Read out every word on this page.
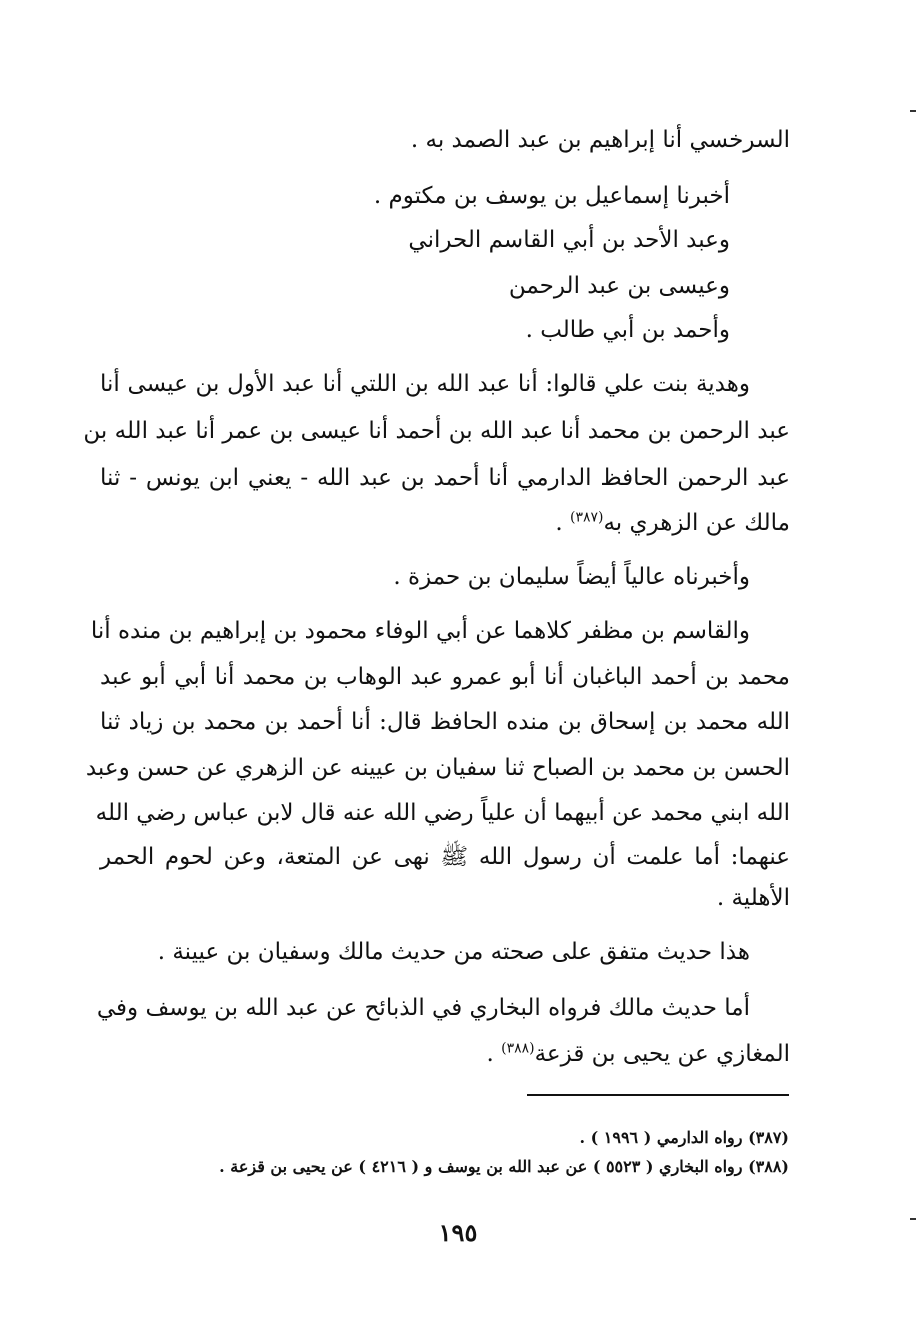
السرخسي أنا إبراهيم بن عبد الصمد به .
أخبرنا إسماعيل بن يوسف بن مكتوم .
وعبد الأحد بن أبي القاسم الحراني
وعيسى بن عبد الرحمن
وأحمد بن أبي طالب .
وهدية بنت علي قالوا: أنا عبد الله بن اللتي أنا عبد الأول بن عيسى أنا
عبد الرحمن بن محمد أنا عبد الله بن أحمد أنا عيسى بن عمر أنا عبد الله بن
عبد الرحمن الحافظ الدارمي أنا أحمد بن عبد الله - يعني ابن يونس - ثنا
مالك عن الزهري به$^{(٣٨٧)}$ .
وأخبرناه عالياً أيضاً سليمان بن حمزة .
والقاسم بن مظفر كلاهما عن أبي الوفاء محمود بن إبراهيم بن منده أنا
محمد بن أحمد الباغبان أنا أبو عمرو عبد الوهاب بن محمد أنا أبي أبو عبد
الله محمد بن إسحاق بن منده الحافظ قال: أنا أحمد بن محمد بن زياد ثنا
الحسن بن محمد بن الصباح ثنا سفيان بن عيينه عن الزهري عن حسن وعبد
الله ابني محمد عن أبيهما أن علياً رضي الله عنه قال لابن عباس رضي الله
عنهما: أما علمت أن رسول الله ﷺ نهى عن المتعة، وعن لحوم الحمر
الأهلية .
هذا حديث متفق على صحته من حديث مالك وسفيان بن عيينة .
أما حديث مالك فرواه البخاري في الذبائح عن عبد الله بن يوسف وفي
المغازي عن يحيى بن قزعة$^{(٣٨٨)}$ .
(٣٨٧) رواه الدارمي ( ١٩٩٦ ) .
(٣٨٨) رواه البخاري ( ٥٥٢٣ ) عن عبد الله بن يوسف و ( ٤٢١٦ ) عن يحيى بن قزعة .
١٩٥
